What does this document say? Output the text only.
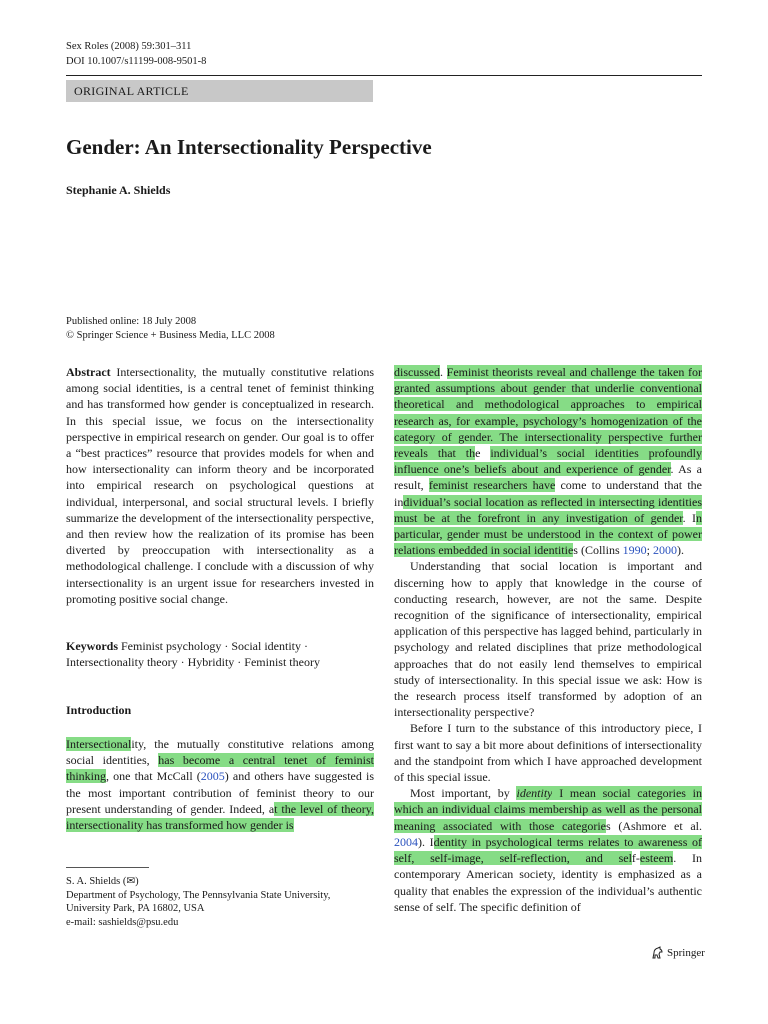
Sex Roles (2008) 59:301–311
DOI 10.1007/s11199-008-9501-8
ORIGINAL ARTICLE
Gender: An Intersectionality Perspective
Stephanie A. Shields
Published online: 18 July 2008
© Springer Science + Business Media, LLC 2008
Abstract Intersectionality, the mutually constitutive relations among social identities, is a central tenet of feminist thinking and has transformed how gender is conceptualized in research. In this special issue, we focus on the intersectionality perspective in empirical research on gender. Our goal is to offer a “best practices” resource that provides models for when and how intersectionality can inform theory and be incorporated into empirical research on psychological questions at individual, interpersonal, and social structural levels. I briefly summarize the development of the intersectionality perspective, and then review how the realization of its promise has been diverted by preoccupation with intersectionality as a methodological challenge. I conclude with a discussion of why intersectionality is an urgent issue for researchers invested in promoting positive social change.
Keywords Feminist psychology · Social identity ·
Intersectionality theory · Hybridity · Feminist theory
Introduction
Intersectionality, the mutually constitutive relations among social identities, has become a central tenet of feminist thinking, one that McCall (2005) and others have suggested is the most important contribution of feminist theory to our present understanding of gender. Indeed, at the level of theory, intersectionality has transformed how gender is
S. A. Shields (✉)
Department of Psychology, The Pennsylvania State University,
University Park, PA 16802, USA
e-mail: sashields@psu.edu

discussed. Feminist theorists reveal and challenge the taken for granted assumptions about gender that underlie conventional theoretical and methodological approaches to empirical research as, for example, psychology’s homogenization of the category of gender. The intersectionality perspective further reveals that the individual’s social identities profoundly influence one’s beliefs about and experience of gender. As a result, feminist researchers have come to understand that the individual’s social location as reflected in intersecting identities must be at the forefront in any investigation of gender. In particular, gender must be understood in the context of power relations embedded in social identities (Collins 1990; 2000).

Understanding that social location is important and discerning how to apply that knowledge in the course of conducting research, however, are not the same. Despite recognition of the significance of intersectionality, empirical application of this perspective has lagged behind, particularly in psychology and related disciplines that prize methodological approaches that do not easily lend themselves to empirical study of intersectionality. In this special issue we ask: How is the research process itself transformed by adoption of an intersectionality perspective?

Before I turn to the substance of this introductory piece, I first want to say a bit more about definitions of intersectionality and the standpoint from which I have approached development of this special issue.

Most important, by identity I mean social categories in which an individual claims membership as well as the personal meaning associated with those categories (Ashmore et al. 2004). Identity in psychological terms relates to awareness of self, self-image, self-reflection, and self-esteem. In contemporary American society, identity is emphasized as a quality that enables the expression of the individual’s authentic sense of self. The specific definition of

Springer
